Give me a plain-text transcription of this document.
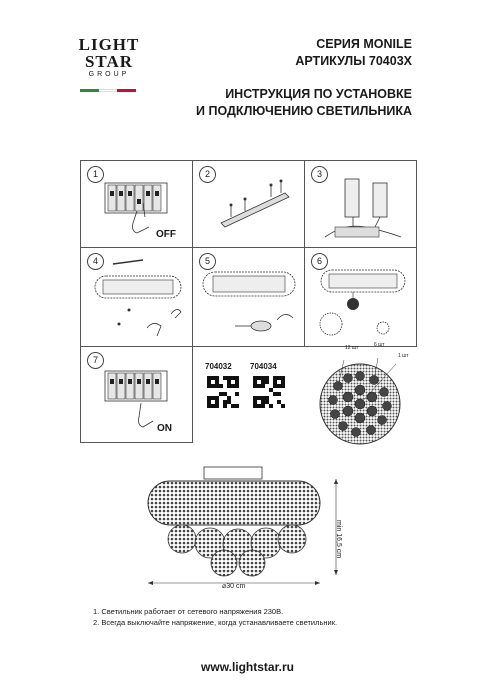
LIGHT
STAR
GROUP
СЕРИЯ MONILE
АРТИКУЛЫ 70403X
ИНСТРУКЦИЯ ПО УСТАНОВКЕ
И ПОДКЛЮЧЕНИЮ СВЕТИЛЬНИКА
1
OFF
2	3
4	5	6
7
ON
704032 704034
12 шт	6 шт
1 шт
⌀30 cm
min 16,5 cm
1. Светильник работает от сетевого напряжения 230В.
2. Всегда выключайте напряжение, когда устанавливаете светильник.
www.lightstar.ru
